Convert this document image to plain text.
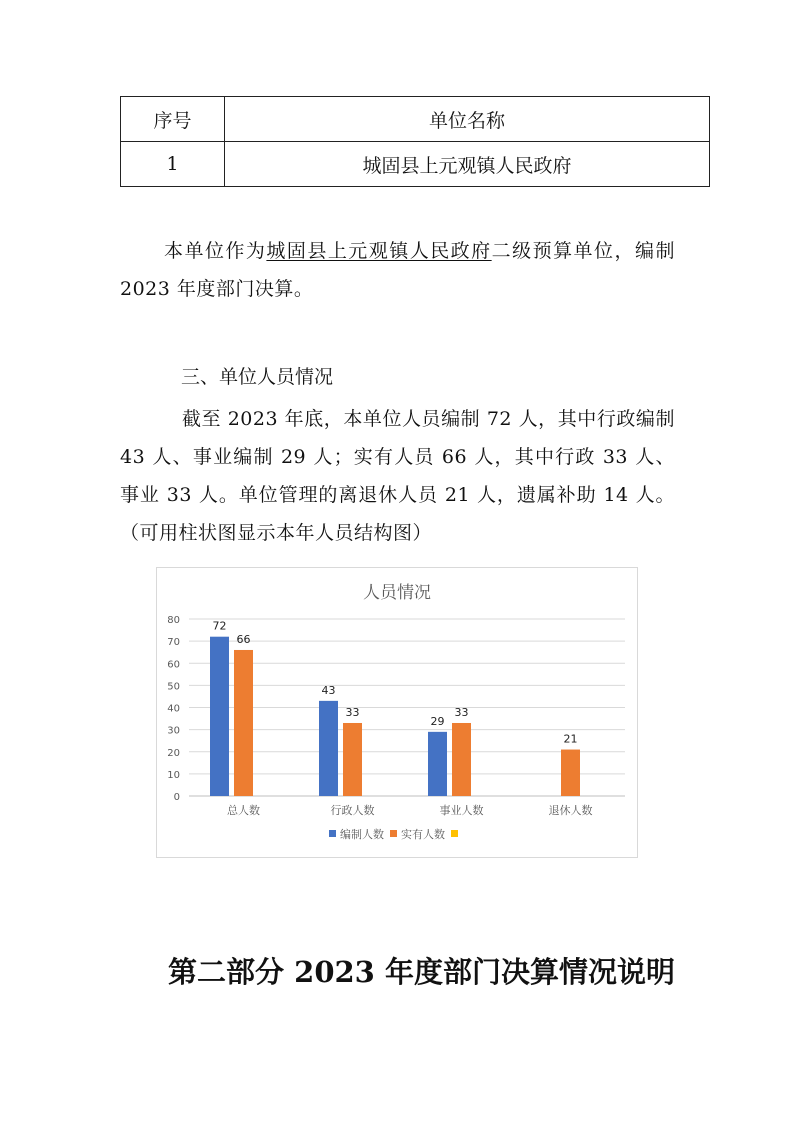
序号	单位名称
1	城固县上元观镇人民政府
本单位作为城固县上元观镇人民政府二级预算单位，编制 2023 年度部门决算。
三、单位人员情况
截至 2023 年底，本单位人员编制 72 人，其中行政编制 43 人、事业编制 29 人；实有人员 66 人，其中行政 33 人、事业 33 人。单位管理的离退休人员 21 人，遗属补助 14 人。（可用柱状图显示本年人员结构图）
人员情况
0
10
20
30
40
50
60
70
80
总人数
72
66
行政人数
43
33
事业人数
29
33
退休人数
21
编制人数 实有人数
第二部分 2023 年度部门决算情况说明
